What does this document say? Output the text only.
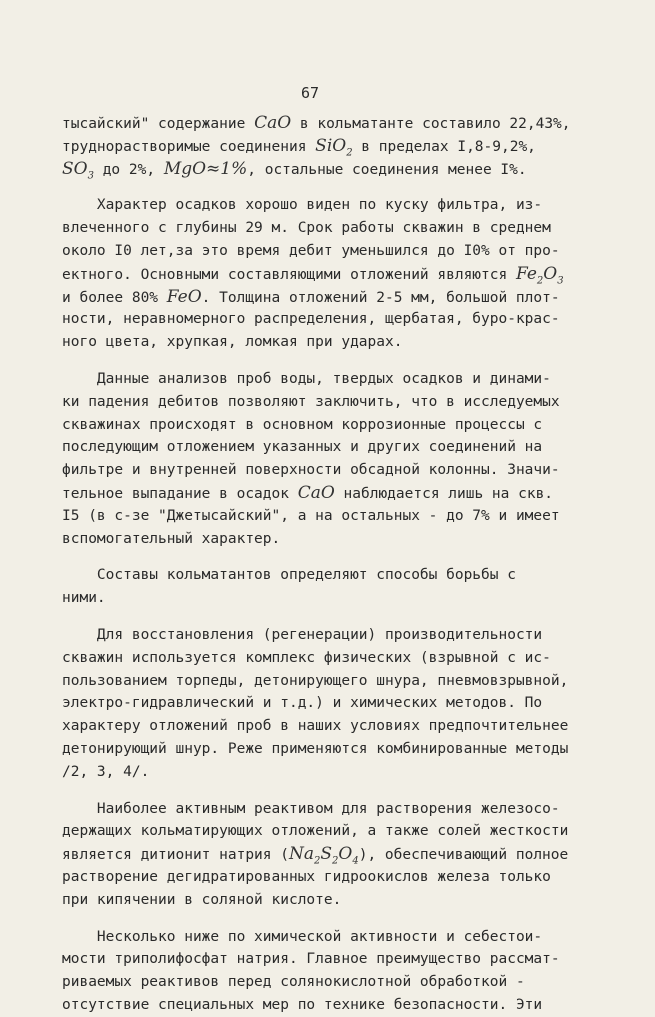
67
тысайский" содержание CaO в кольматанте составило 22,43%,
труднорастворимые соединения SiO$_2$ в пределах I,8-9,2%,
$SO_3$ до 2%, MgO≈1%, остальные соединения менее I%.
Характер осадков хорошо виден по куску фильтра, из-
влеченного с глубины 29 м. Срок работы скважин в среднем
около I0 лет,за это время дебит уменьшился до I0% от про-
ектного. Основными составляющими отложений являются $Fe_2O_3$
и более 80% FeO. Толщина отложений 2-5 мм, большой плот-
ности, неравномерного распределения, щербатая, буро-крас-
ного цвета, хрупкая, ломкая при ударах.
Данные анализов проб воды, твердых осадков и динами-
ки падения дебитов позволяют заключить, что в исследуемых
скважинах происходят в основном коррозионные процессы с
последующим отложением указанных и других соединений на
фильтре и внутренней поверхности обсадной колонны. Значи-
тельное выпадание в осадок CaO наблюдается лишь на скв.
I5 (в с-зе "Джетысайский", а на остальных - до 7% и имеет
вспомогательный характер.
Составы кольматантов определяют способы борьбы с
ними.
Для восстановления (регенерации) производительности
скважин используется комплекс физических (взрывной с ис-
пользованием торпеды, детонирующего шнура, пневмовзрывной,
электро-гидравлический и т.д.) и химических методов. По
характеру отложений проб в наших условиях предпочтительнее
детонирующий шнур. Реже применяются комбинированные методы
/2, 3, 4/.
Наиболее активным реактивом для растворения железосо-
держащих кольматирующих отложений, а также солей жесткости
является дитионит натрия $(Na_2S_2O_4)$, обеспечивающий полное
растворение дегидратированных гидроокислов железа только
при кипячении в соляной кислоте.
Несколько ниже по химической активности и себестои-
мости триполифосфат натрия. Главное преимущество рассмат-
риваемых реактивов перед солянокислотной обработкой -
отсутствие специальных мер по технике безопасности. Эти
